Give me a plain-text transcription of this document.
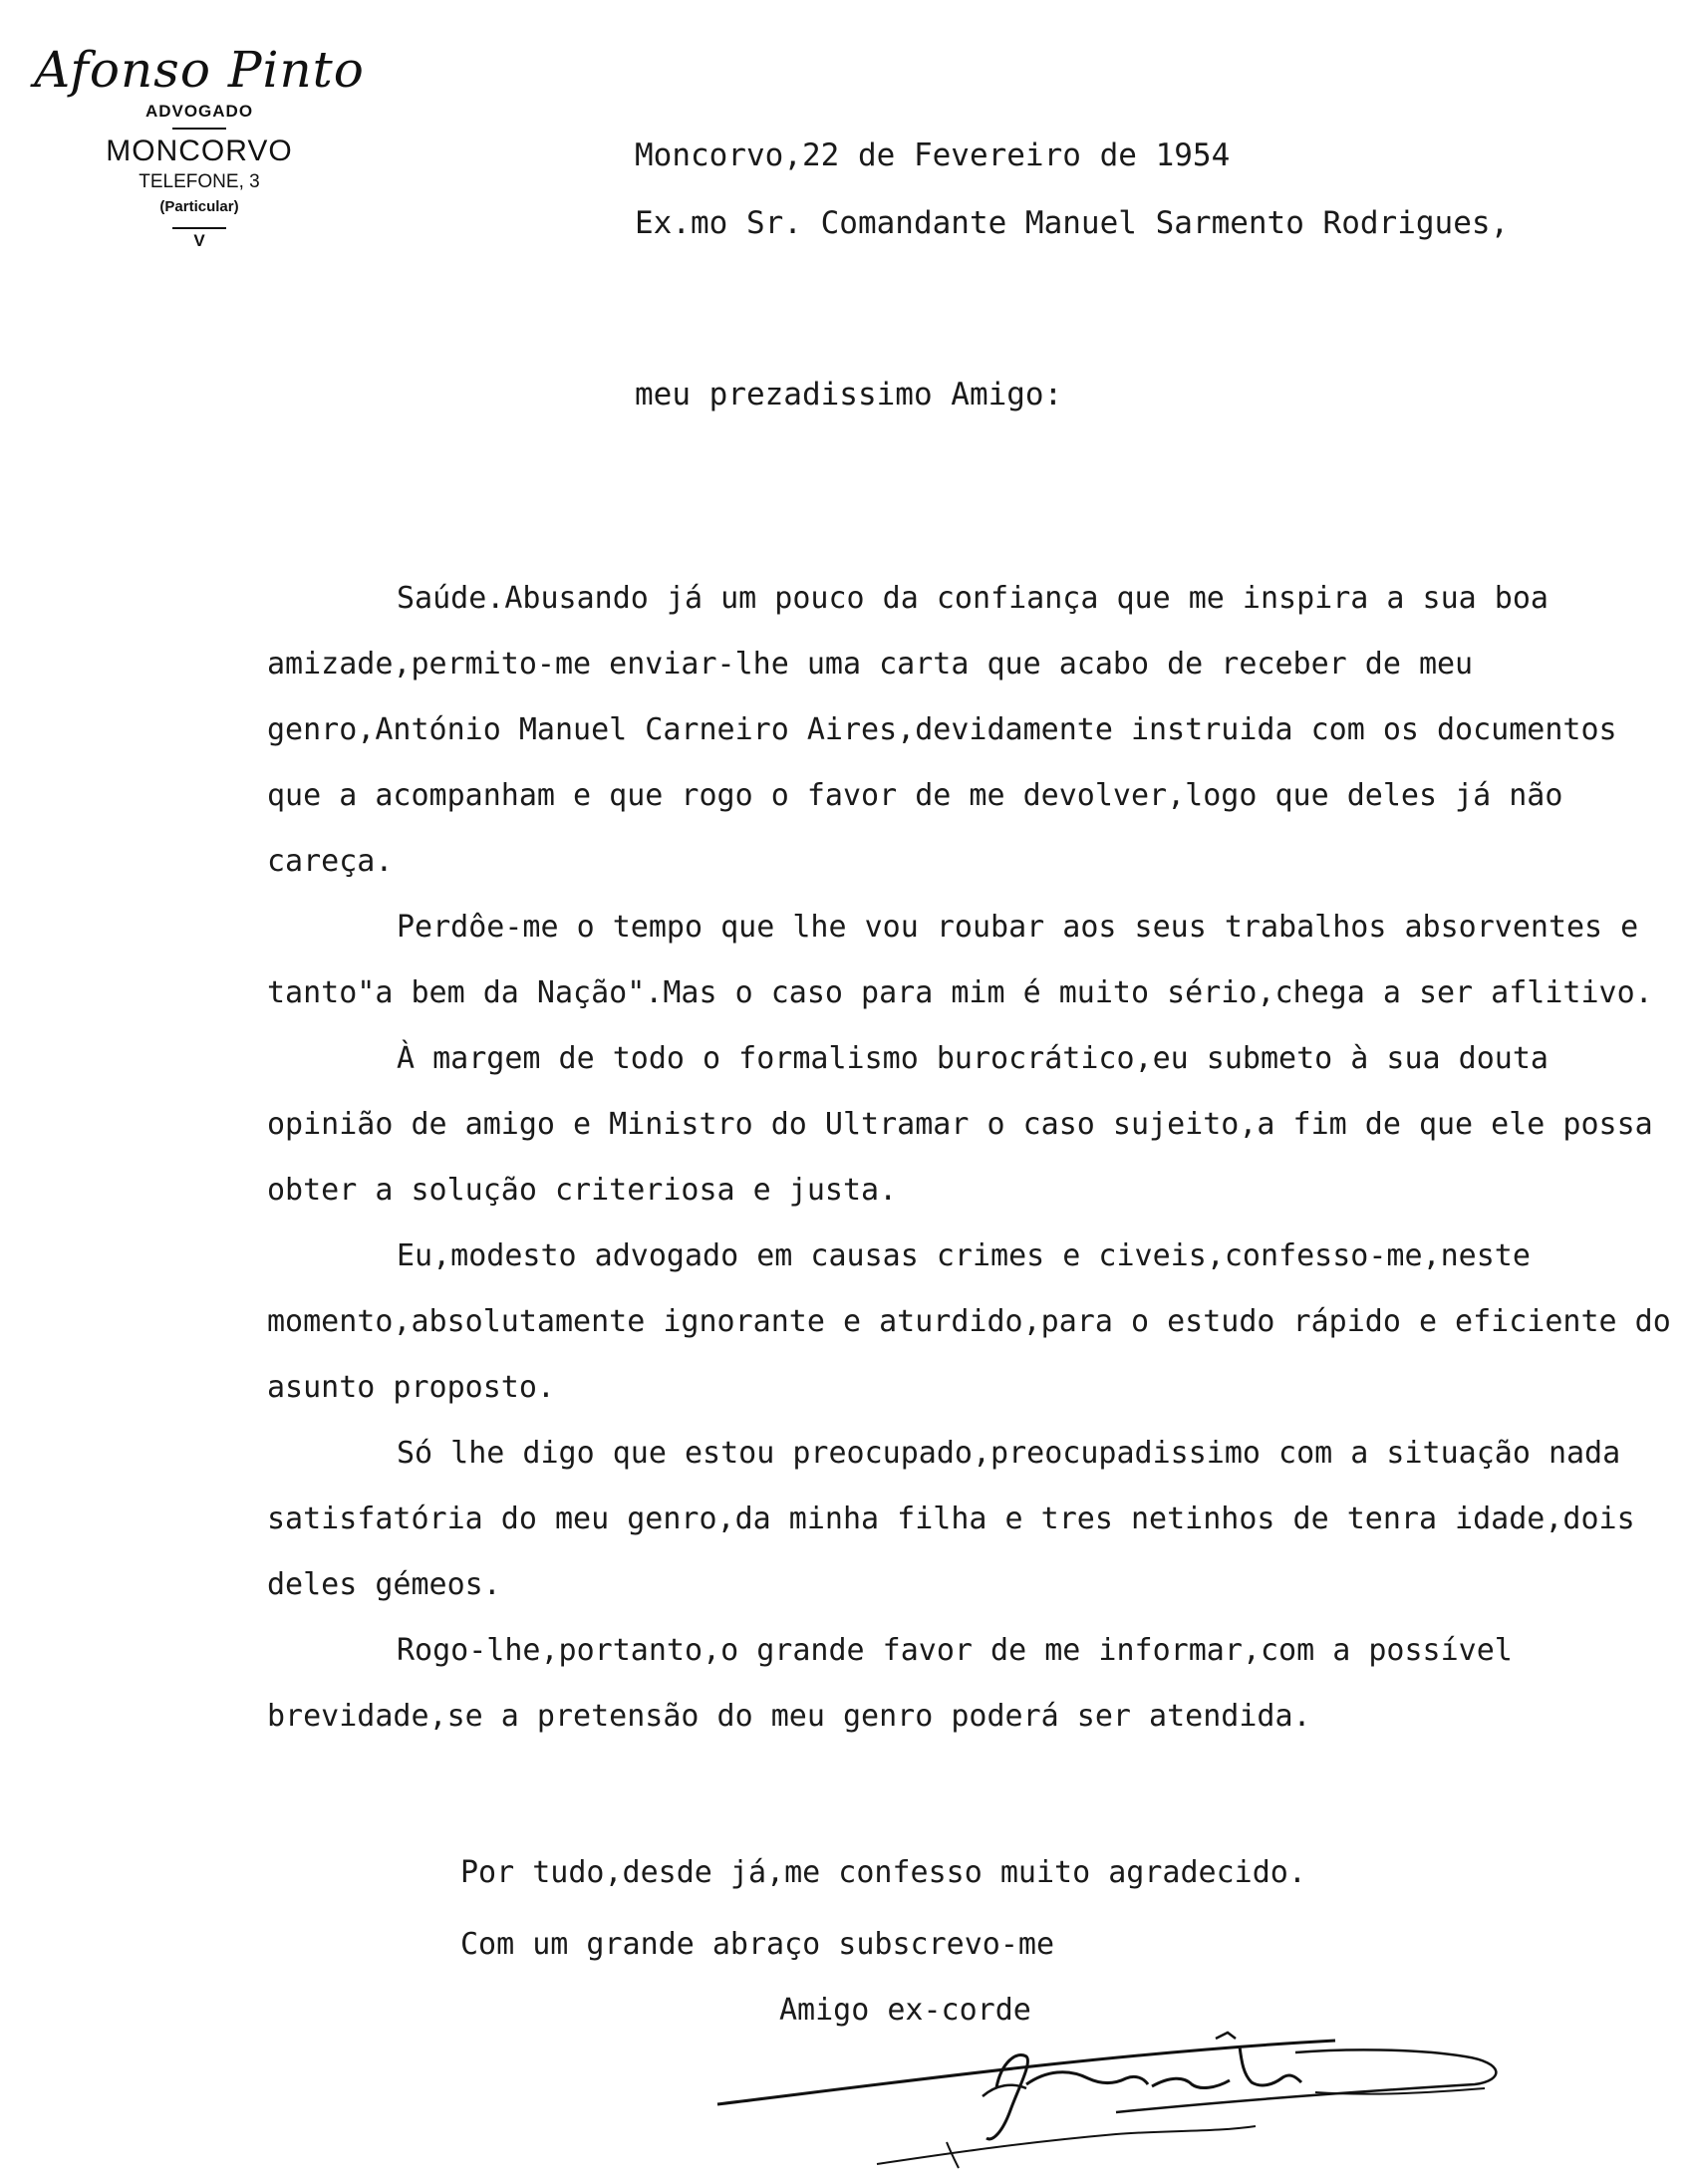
Afonso Pinto
ADVOGADO
MONCORVO
TELEFONE, 3
(Particular)
V
Moncorvo,22 de Fevereiro de 1954
Ex.mo Sr. Comandante Manuel Sarmento Rodrigues,
meu prezadissimo Amigo:

Saúde.Abusando já um pouco da confiança que me inspira a sua boa amizade,permito-me enviar-lhe uma carta que acabo de receber de meu genro,António Manuel Carneiro Aires,devidamente instruida com os documentos que a acompanham e que rogo o favor de me devolver,logo que deles já não careça.

Perdôe-me o tempo que lhe vou roubar aos seus trabalhos absorventes e tanto"a bem da Nação".Mas o caso para mim é muito sério,chega a ser aflitivo.

À margem de todo o formalismo burocrático,eu submeto à sua douta opinião de amigo e Ministro do Ultramar o caso sujeito,a fim de que ele possa obter a solução criteriosa e justa.

Eu,modesto advogado em causas crimes e civeis,confesso-me,neste momento,absolutamente ignorante e aturdido,para o estudo rápido e eficiente do asunto proposto.

Só lhe digo que estou preocupado,preocupadissimo com a situação nada satisfatória do meu genro,da minha filha e tres netinhos de tenra idade,dois deles gémeos.

Rogo-lhe,portanto,o grande favor de me informar,com a possível brevidade,se a pretensão do meu genro poderá ser atendida.

Por tudo,desde já,me confesso muito agradecido.
Com um grande abraço subscrevo-me
Amigo ex-corde
